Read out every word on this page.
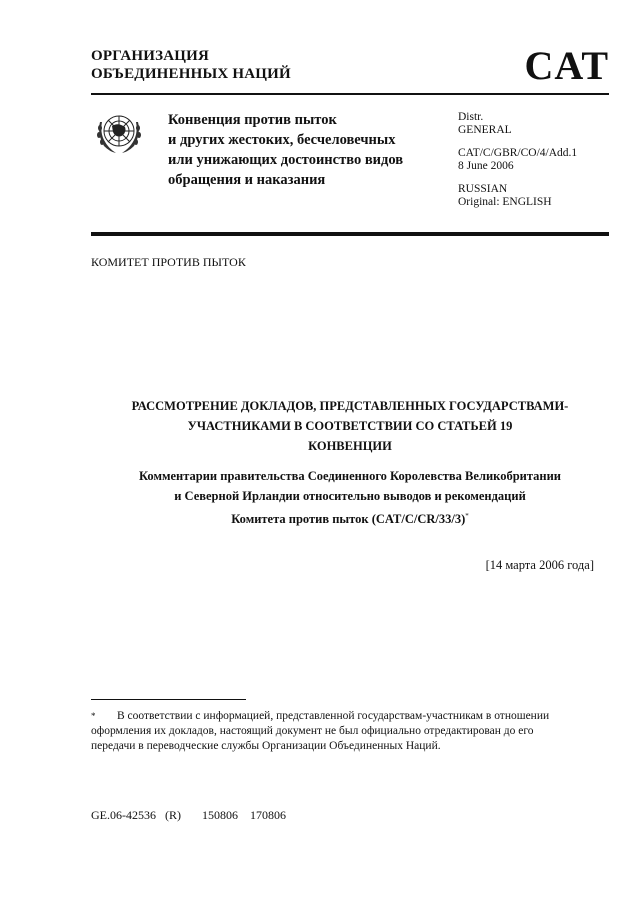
ОРГАНИЗАЦИЯ
ОБЪЕДИНЕННЫХ НАЦИЙ	CAT
Конвенция против пыток
и других жестоких, бесчеловечных
или унижающих достоинство видов
обращения и наказания
Distr.
GENERAL
CAT/C/GBR/CO/4/Add.1
8 June 2006
RUSSIAN
Original: ENGLISH
КОМИТЕТ ПРОТИВ ПЫТОК
РАССМОТРЕНИЕ ДОКЛАДОВ, ПРЕДСТАВЛЕННЫХ ГОСУДАРСТВАМИ-
УЧАСТНИКАМИ В СООТВЕТСТВИИ СО СТАТЬЕЙ 19
КОНВЕНЦИИ
Комментарии правительства Соединенного Королевства Великобритании
и Северной Ирландии относительно выводов и рекомендаций
Комитета против пыток (CAT/C/CR/33/3)*
[14 марта 2006 года]
* В соответствии с информацией, представленной государствам-участникам в отношении оформления их докладов, настоящий документ не был официально отредактирован до его передачи в переводческие службы Организации Объединенных Наций.
GE.06-42536 (R) 150806 170806
